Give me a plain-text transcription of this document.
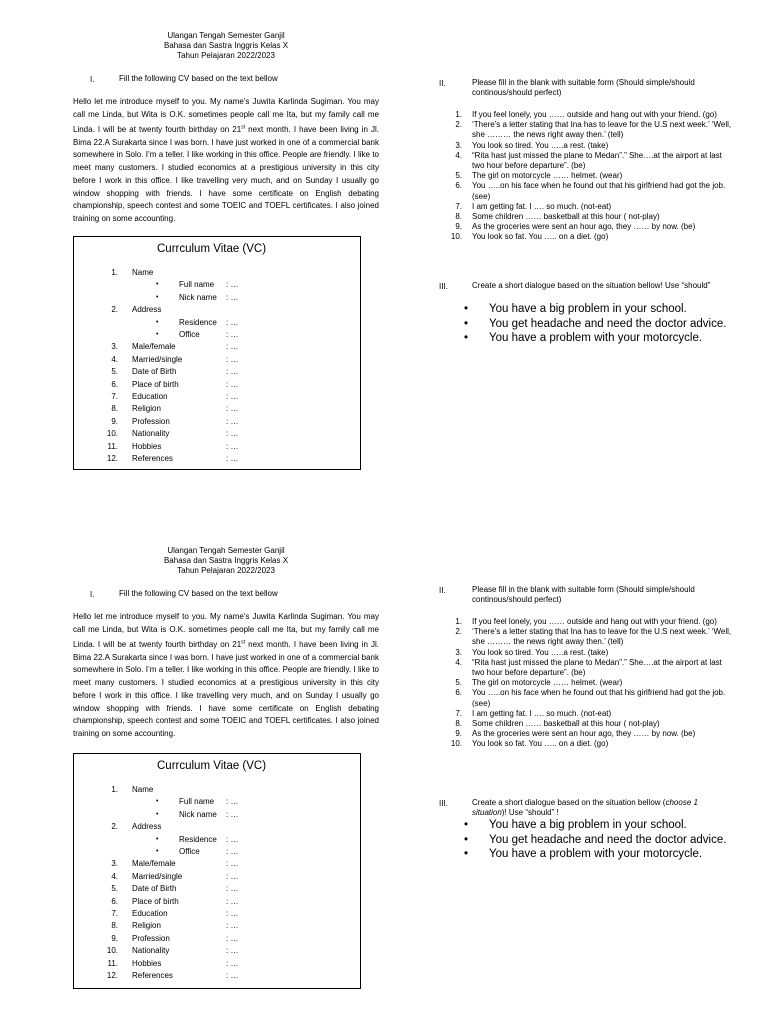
Ulangan Tengah Semester Ganjil
Bahasa dan Sastra Inggris Kelas X
Tahun Pelajaran 2022/2023
I.	Fill the following CV based on the text bellow
Hello let me introduce myself to you. My name’s Juwita Karlinda Sugiman. You may call me Linda, but Wita is O.K. sometimes people call me Ita, but my family call me Linda. I will be at twenty fourth birthday on 21st next month. I have been living in Jl. Bima 22.A Surakarta since I was born. I have just worked in one of a commercial bank somewhere in Solo. I’m a teller. I like working in this office. People are friendly. I like to meet many customers. I studied economics at a prestigious university in this city before I work in this office. I like travelling very much, and on Sunday I usually go window shopping with friends. I have some certificate on English debating championship, speech contest and some TOEIC and TOEFL certificates. I also joined training on some accounting.
Currculum Vitae (VC)
1. Name
•	Full name : …
•	Nick name : …
2. Address
•	Residence : …
•	Office	: …
3. Male/female	: …
4. Married/single	: …
5. Date of Birth	: …
6. Place of birth	: …
7. Education	: …
8. Religion	: …
9. Profession	: …
10. Nationality	: …
11. Hobbies	: …
12. References	: …
II.	Please fill in the blank with suitable form (Should simple/should continous/should perfect)
1. If you feel lonely, you …… outside and hang out with your friend. (go)
2. ‘There’s a letter stating that Ina has to leave for the U.S next week.’ ‘Well, she ……… the news right away then.’ (tell)
3. You look so tired. You …..a rest. (take)
4. “Rita hast just missed the plane to Medan”.” She….at the airport at last two hour before departure”. (be)
5. The girl on motorcycle …… helmet. (wear)
6. You …..on his face when he found out that his girlfriend had got the job. (see)
7. I am getting fat. I …. so much. (not-eat)
8. Some children …… basketball at this hour ( not-play)
9. As the groceries were sent an hour ago, they …… by now. (be)
10. You look so fat. You ….. on a diet. (go)
III.	Create a short dialogue based on the situation bellow! Use “should”
• You have a big problem in your school.
• You get headache and need the doctor advice.
• You have a problem with your motorcycle.
Ulangan Tengah Semester Ganjil
Bahasa dan Sastra Inggris Kelas X
Tahun Pelajaran 2022/2023
I.	Fill the following CV based on the text bellow
Hello let me introduce myself to you. My name’s Juwita Karlinda Sugiman. You may call me Linda, but Wita is O.K. sometimes people call me Ita, but my family call me Linda. I will be at twenty fourth birthday on 21st next month. I have been living in Jl. Bima 22.A Surakarta since I was born. I have just worked in one of a commercial bank somewhere in Solo. I’m a teller. I like working in this office. People are friendly. I like to meet many customers. I studied economics at a prestigious university in this city before I work in this office. I like travelling very much, and on Sunday I usually go window shopping with friends. I have some certificate on English debating championship, speech contest and some TOEIC and TOEFL certificates. I also joined training on some accounting.
Currculum Vitae (VC)
1. Name
•	Full name : …
•	Nick name : …
2. Address
•	Residence : …
•	Office	: …
3. Male/female	: …
4. Married/single	: …
5. Date of Birth	: …
6. Place of birth	: …
7. Education	: …
8. Religion	: …
9. Profession	: …
10. Nationality	: …
11. Hobbies	: …
12. References	: …
II.	Please fill in the blank with suitable form (Should simple/should continous/should perfect)
1. If you feel lonely, you …… outside and hang out with your friend. (go)
2. ‘There’s a letter stating that Ina has to leave for the U.S next week.’ ‘Well, she ……… the news right away then.’ (tell)
3. You look so tired. You …..a rest. (take)
4. “Rita hast just missed the plane to Medan”.” She….at the airport at last two hour before departure”. (be)
5. The girl on motorcycle …… helmet. (wear)
6. You …..on his face when he found out that his girlfriend had got the job. (see)
7. I am getting fat. I …. so much. (not-eat)
8. Some children …… basketball at this hour ( not-play)
9. As the groceries were sent an hour ago, they …… by now. (be)
10. You look so fat. You ….. on a diet. (go)
III.	Create a short dialogue based on the situation bellow (choose 1 situation)! Use “should” !
• You have a big problem in your school.
• You get headache and need the doctor advice.
• You have a problem with your motorcycle.
